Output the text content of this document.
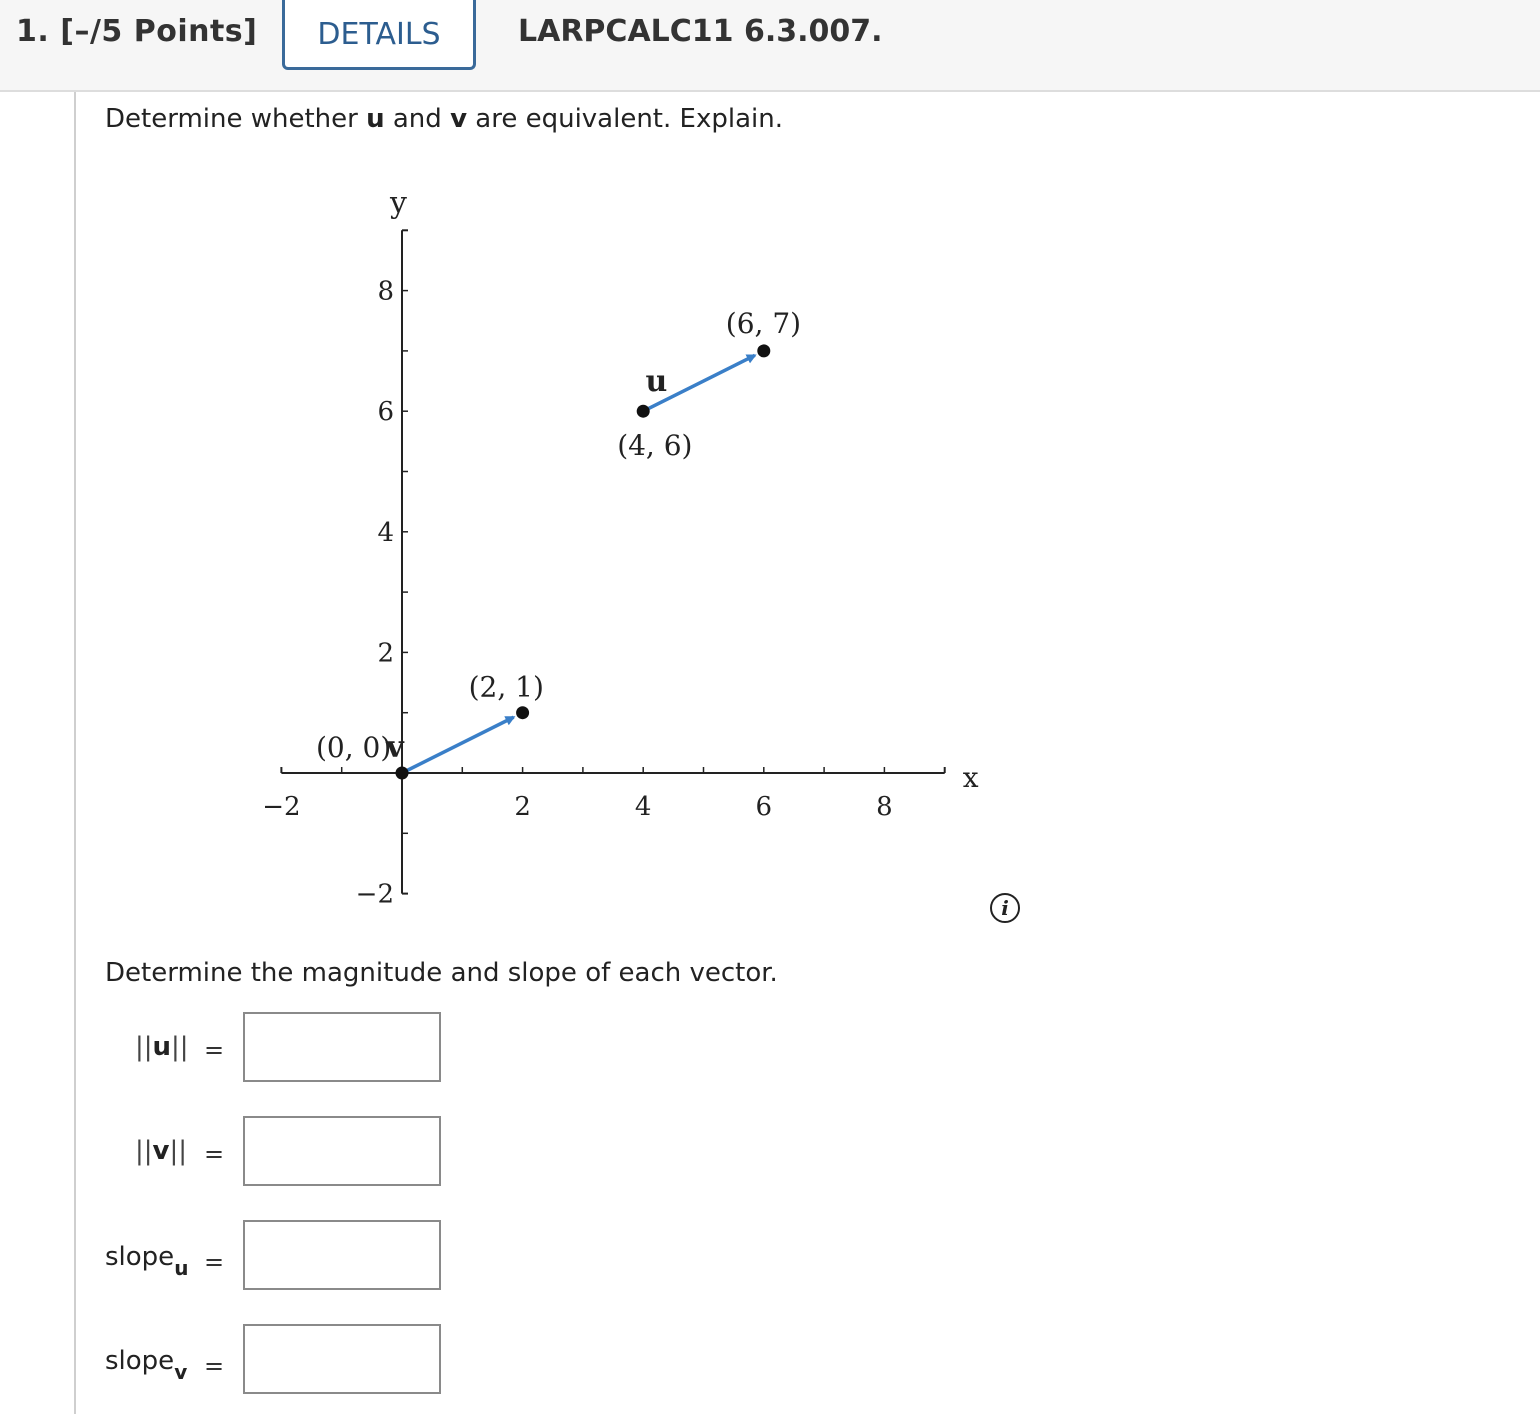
1. [–/5 Points]	DETAILS	LARPCALC11 6.3.007.
Determine whether u and v are equivalent. Explain.
x
y
−2	2	4	6	8
8
6
4
2
−2
u
(4, 6)
(6, 7)
v
(0, 0)
(2, 1)
i
Determine the magnitude and slope of each vector.
||u|| =
||v|| =
slope$_u$ =
slope$_v$ =
